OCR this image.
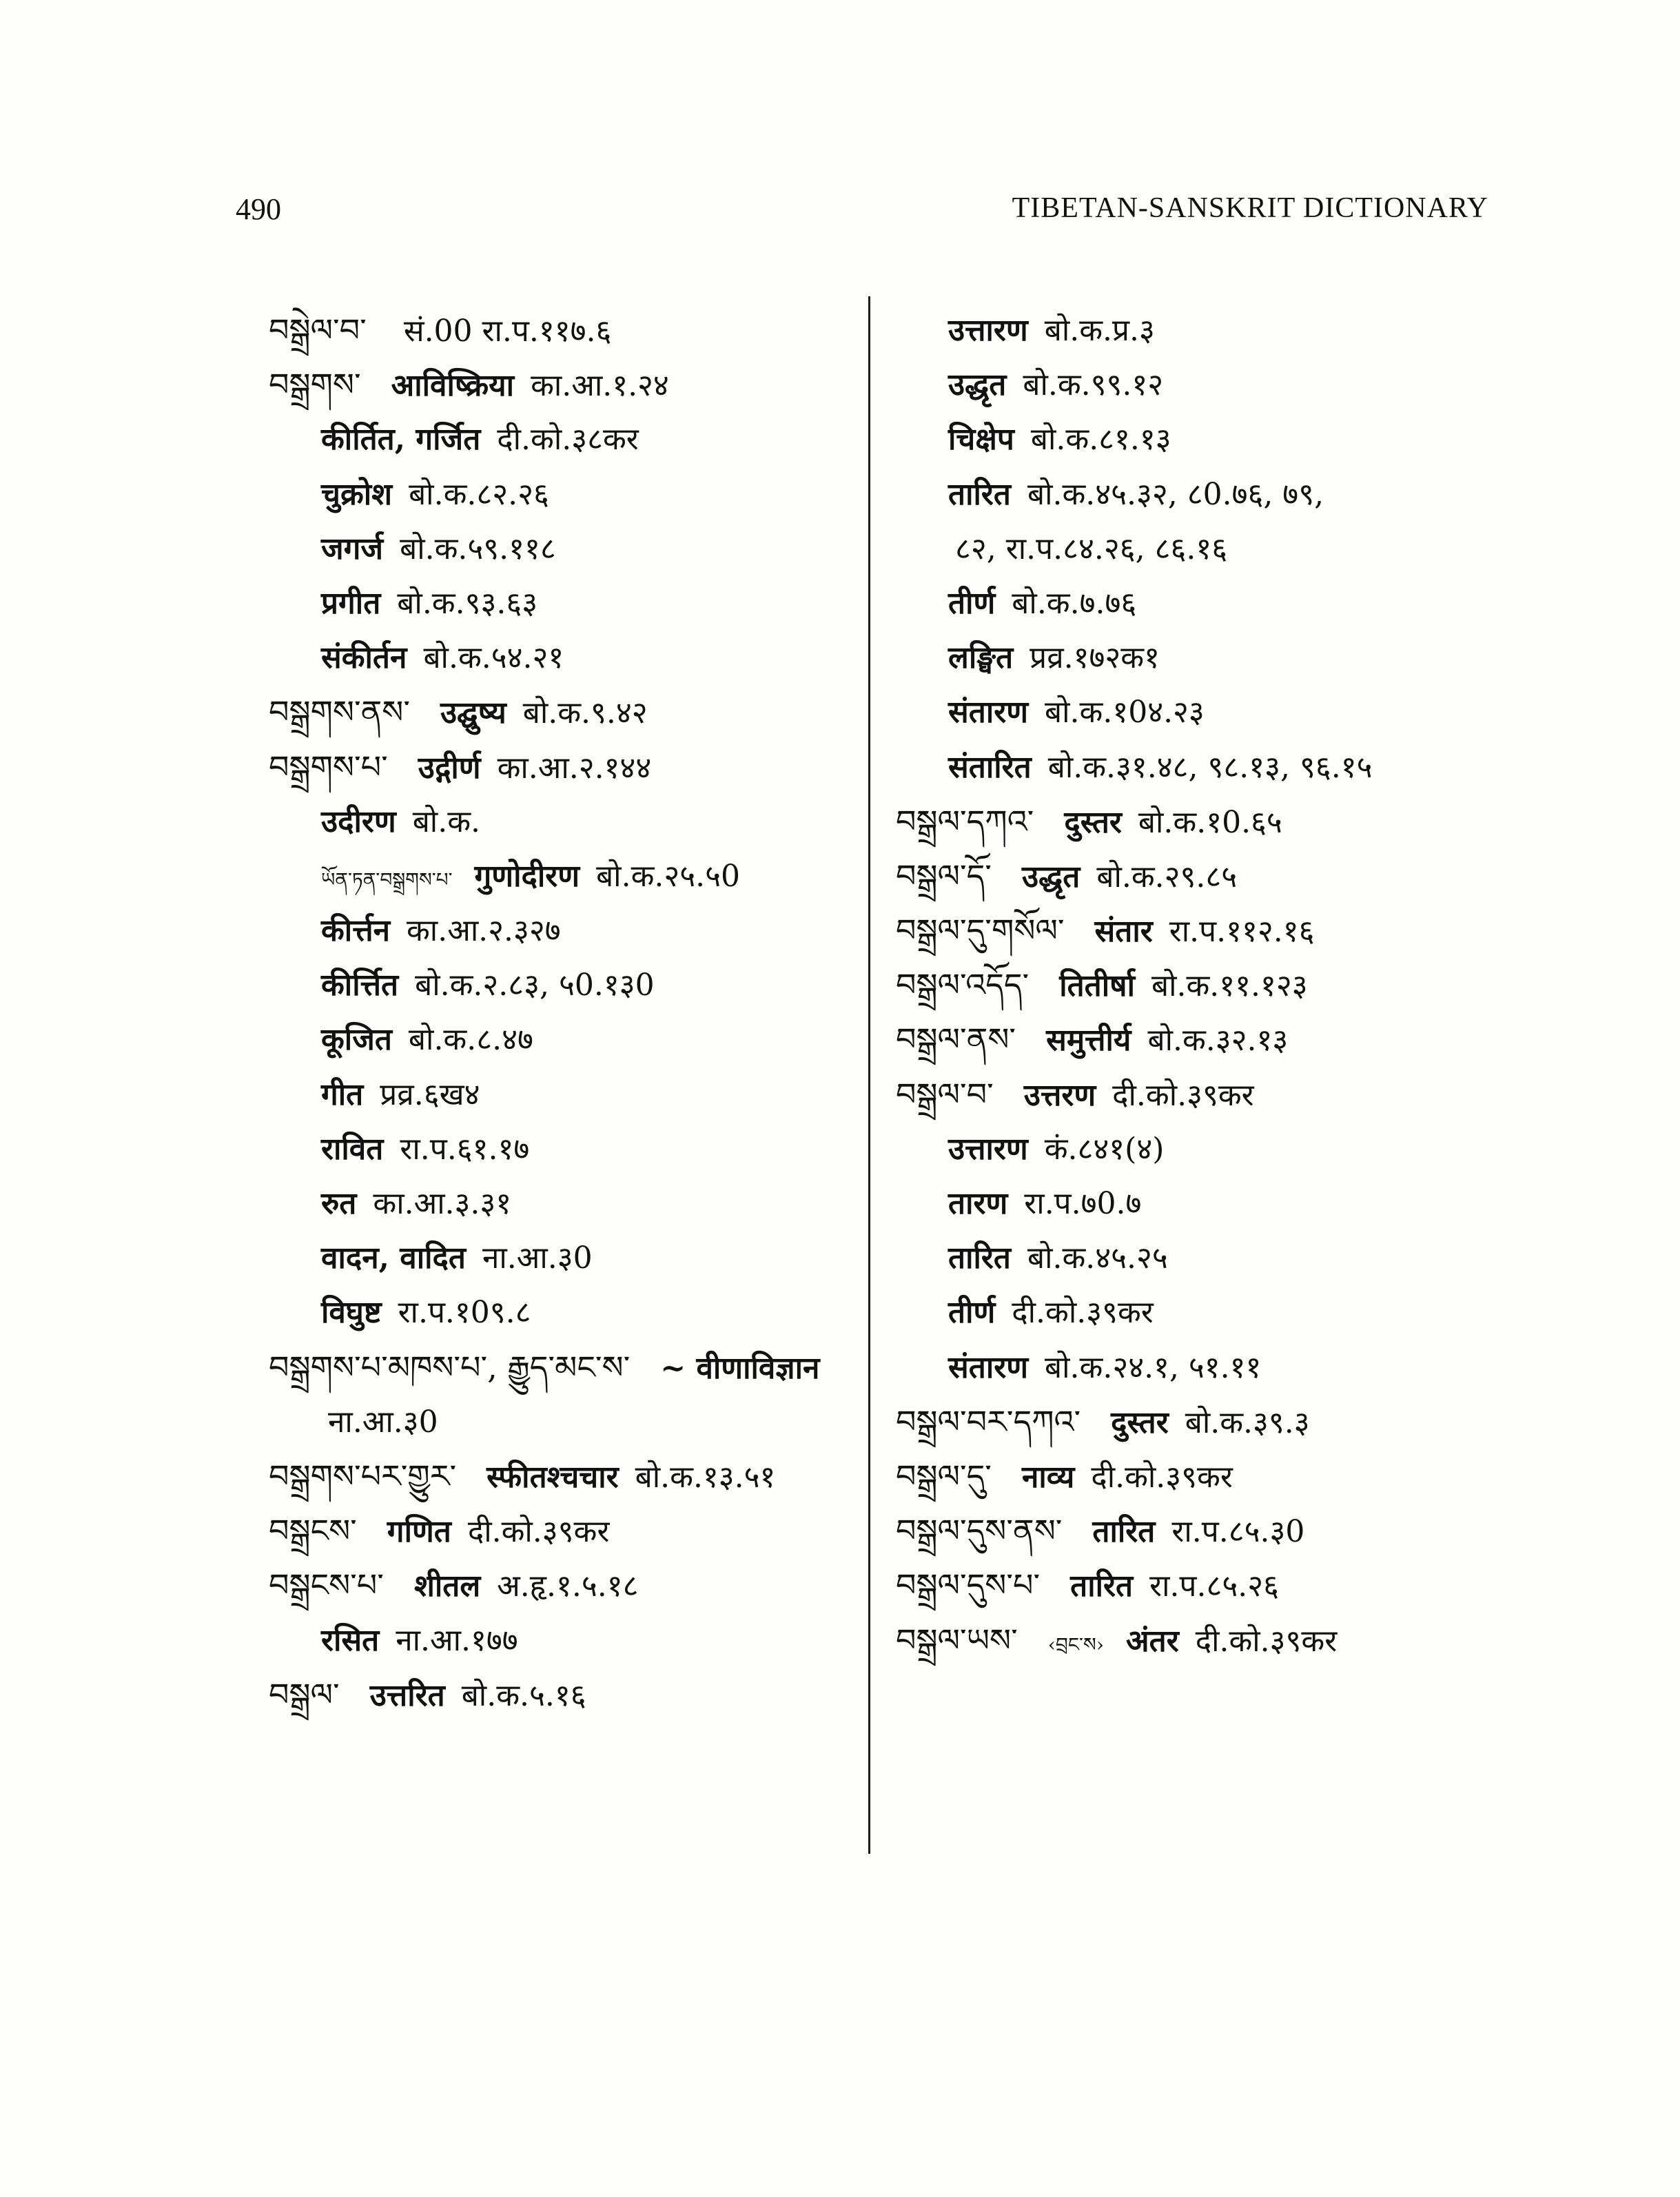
490	TIBETAN-SANSKRIT DICTIONARY
བསྒྲེལ་བ་ सं.00 रा.प.११७.६
བསྒྲགས་ आविष्क्रिया का.आ.१.२४
कीर्तित, गर्जित दी.को.३८कर
चुक्रोश बो.क.८२.२६
जगर्ज बो.क.५९.११८
प्रगीत बो.क.९३.६३
संकीर्तन बो.क.५४.२१
བསྒྲགས་ནས་ उद्घुष्य बो.क.९.४२
བསྒྲགས་པ་ उद्गीर्ण का.आ.२.१४४
उदीरण बो.क.
ཡོན་ཏན་བསྒྲགས་པ་ गुणोदीरण बो.क.२५.५0
कीर्त्तन का.आ.२.३२७
कीर्त्तित बो.क.२.८३, ५0.१३0
कूजित बो.क.८.४७
गीत प्रव्र.६ख४
रावित रा.प.६१.१७
रुत का.आ.३.३१
वादन, वादित ना.आ.३0
विघुष्ट रा.प.१0९.८
བསྒྲགས་པ་མཁས་པ་, རྒྱུད་མང་ས་ ~ वीणाविज्ञान
ना.आ.३0
བསྒྲགས་པར་གྱུར་ स्फीतश्चचार बो.क.१३.५१
བསྒྲངས་ गणित दी.को.३९कर
བསྒྲངས་པ་ शीतल अ.हृ.१.५.१८
रसित ना.आ.१७७
བསྒྲལ་ उत्तरित बो.क.५.१६
उत्तारण बो.क.प्र.३
उद्धृत बो.क.९९.१२
चिक्षेप बो.क.८१.१३
तारित बो.क.४५.३२, ८0.७६, ७९,
८२, रा.प.८४.२६, ८६.१६
तीर्ण बो.क.७.७६
लङ्घित प्रव्र.१७२क१
संतारण बो.क.१0४.२३
संतारित बो.क.३१.४८, ९८.१३, ९६.१५
བསྒྲལ་དཀའ་ दुस्तर बो.क.१0.६५
བསྒྲལ་དོ་ उद्धृत बो.क.२९.८५
བསྒྲལ་དུ་གསོལ་ संतार रा.प.११२.१६
བསྒྲལ་འདོད་ तितीर्षा बो.क.११.१२३
བསྒྲལ་ནས་ समुत्तीर्य बो.क.३२.१३
བསྒྲལ་བ་ उत्तरण दी.को.३९कर
उत्तारण कं.८४१(४)
तारण रा.प.७0.७
तारित बो.क.४५.२५
तीर्ण दी.को.३९कर
संतारण बो.क.२४.१, ५१.११
བསྒྲལ་བར་དཀའ་ दुस्तर बो.क.३९.३
བསྒྲལ་དུ་ नाव्य दी.को.३९कर
བསྒྲལ་དུས་ནས་ तारित रा.प.८५.३0
བསྒྲལ་དུས་པ་ तारित रा.प.८५.२६
བསྒྲལ་ཡས་ ‹བྲང་ས› अंतर दी.को.३९कर
